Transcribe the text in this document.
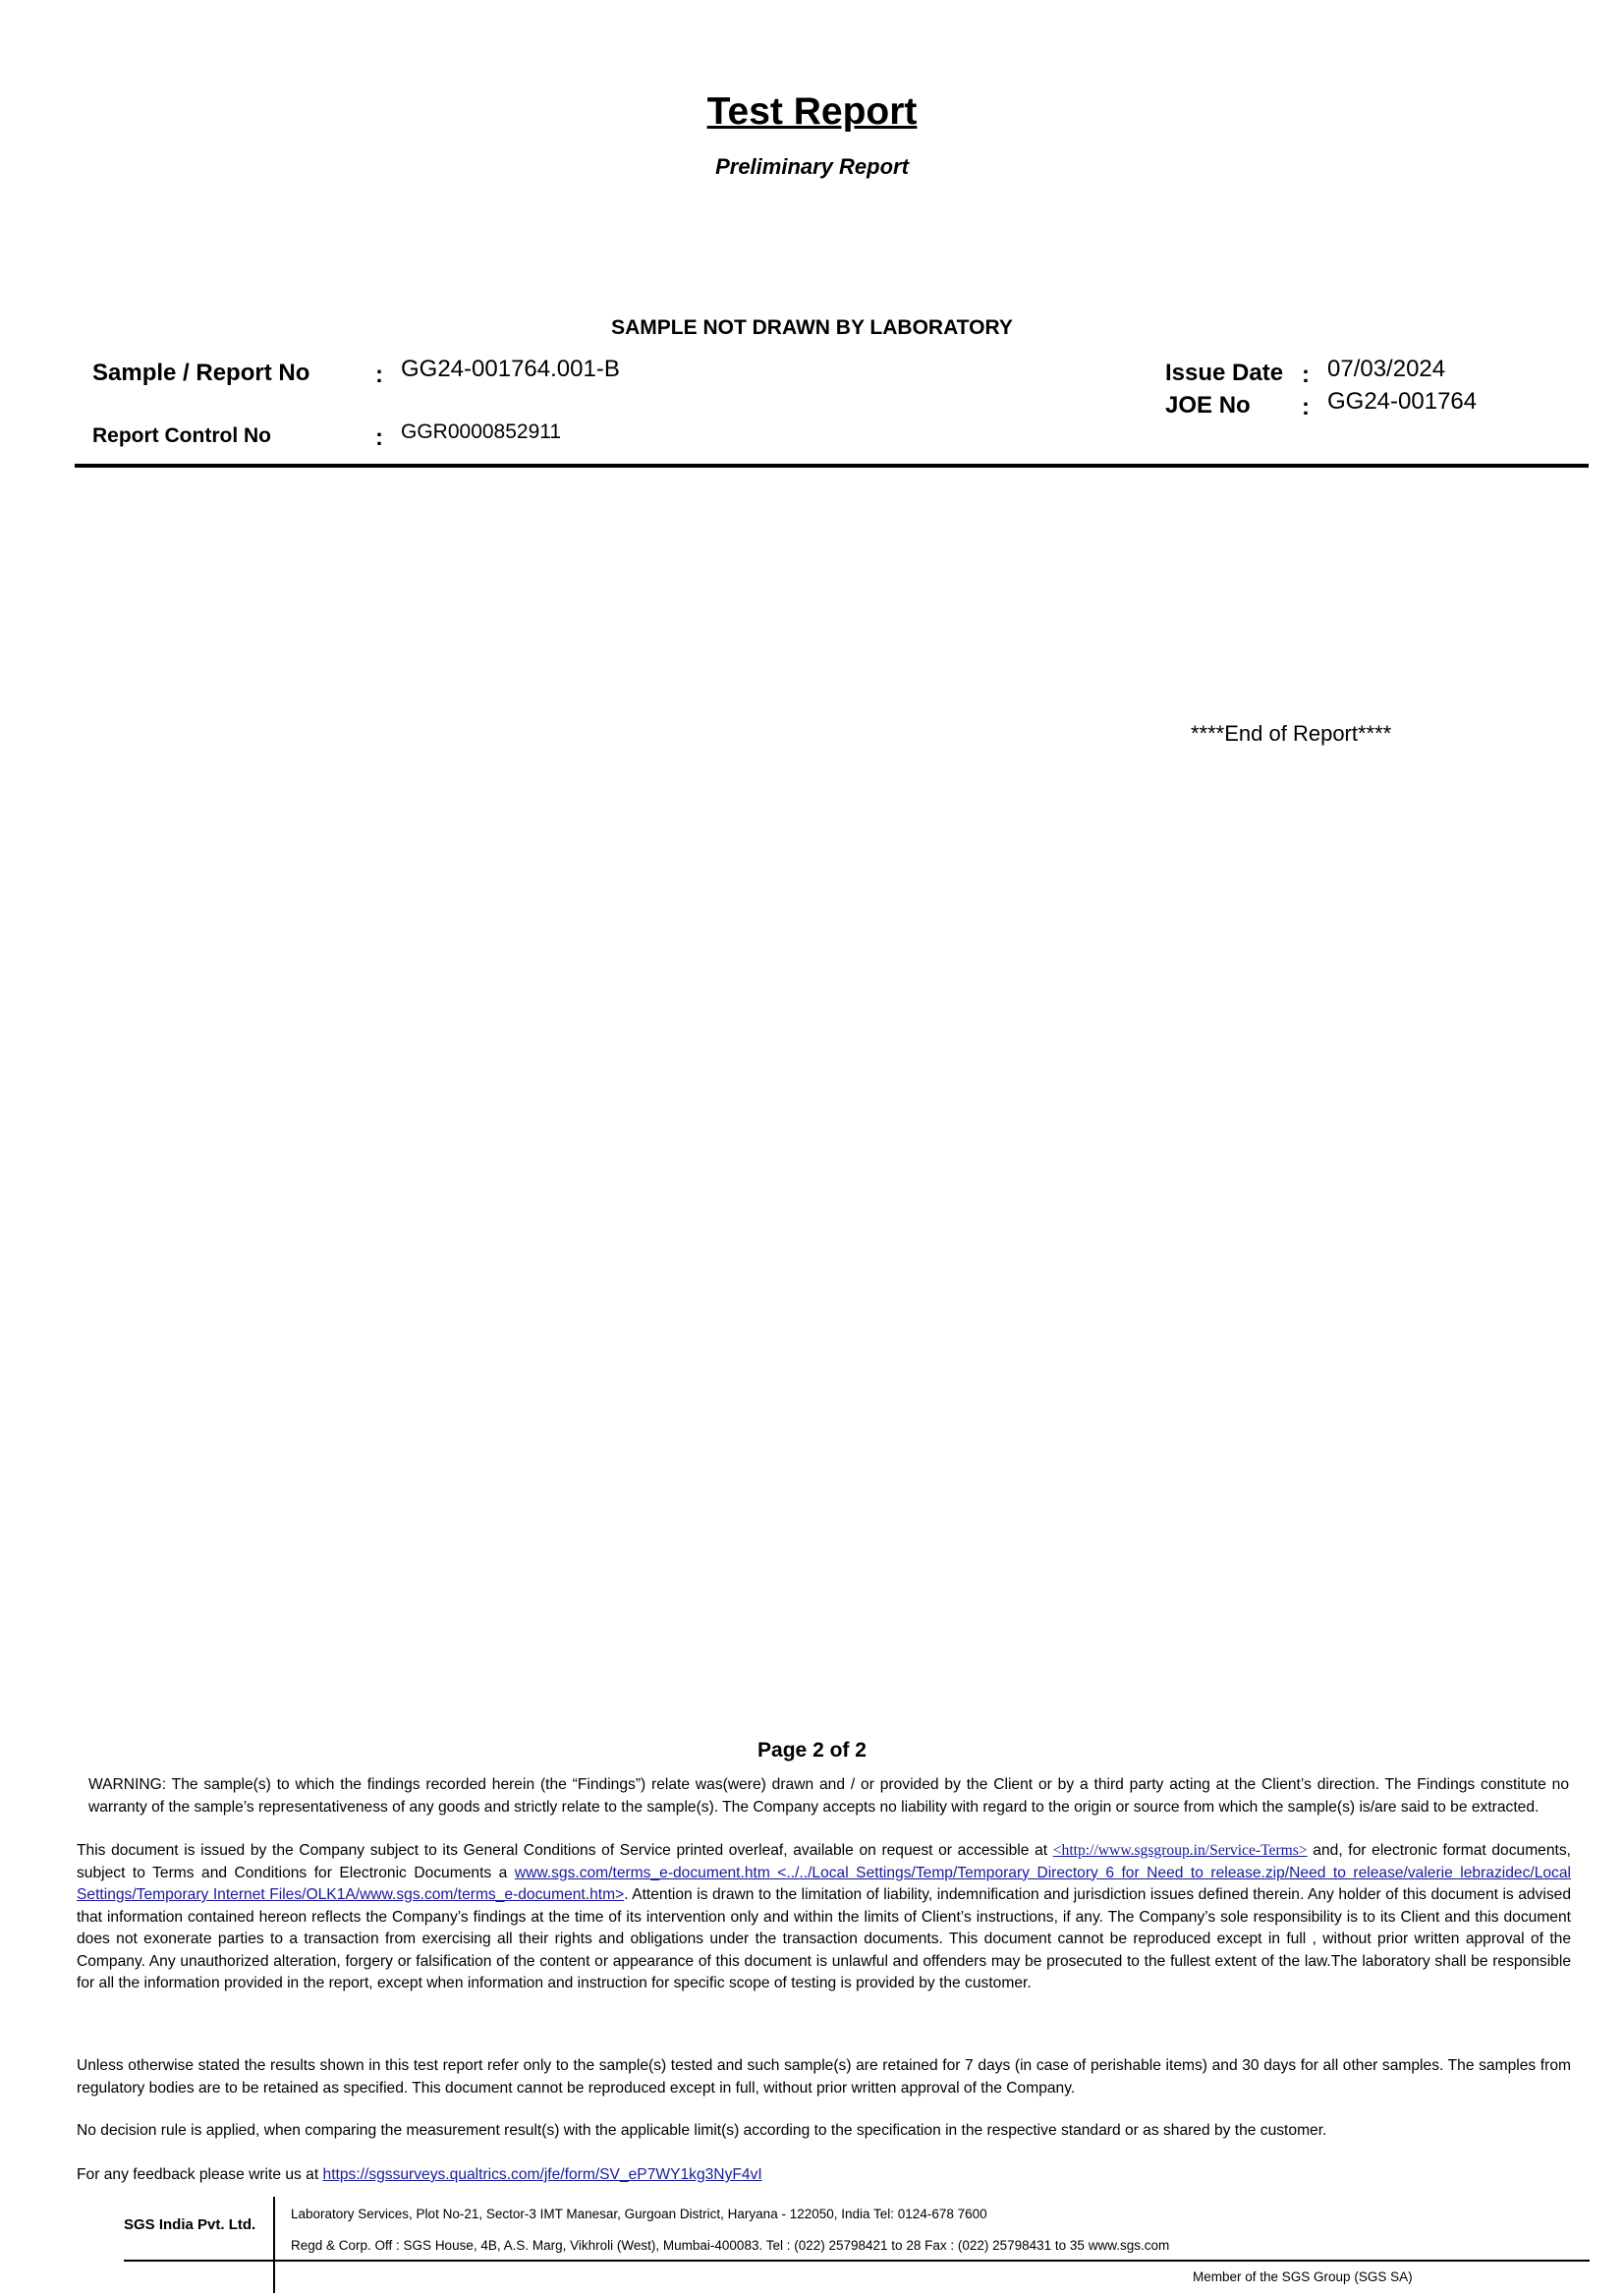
Test Report
Preliminary Report
SAMPLE NOT DRAWN BY LABORATORY
Sample / Report No	: GG24-001764.001-B
Report Control No	: GGR0000852911
Issue Date : 07/03/2024
JOE No : GG24-001764
****End of Report****
Page 2 of 2
WARNING: The sample(s) to which the findings recorded herein (the “Findings”) relate was(were) drawn and / or provided by the Client or by a third party acting at the Client’s direction. The Findings constitute no warranty of the sample’s representativeness of any goods and strictly relate to the sample(s). The Company accepts no liability with regard to the origin or source from which the sample(s) is/are said to be extracted.
This document is issued by the Company subject to its General Conditions of Service printed overleaf, available on request or accessible at <http://www.sgsgroup.in/Service-Terms> and, for electronic format documents, subject to Terms and Conditions for Electronic Documents a www.sgs.com/terms_e-document.htm <../../Local Settings/Temp/Temporary Directory 6 for Need to release.zip/Need to release/valerie lebrazidec/Local Settings/Temporary Internet Files/OLK1A/www.sgs.com/terms_e-document.htm>. Attention is drawn to the limitation of liability, indemnification and jurisdiction issues defined therein. Any holder of this document is advised that information contained hereon reflects the Company’s findings at the time of its intervention only and within the limits of Client’s instructions, if any. The Company’s sole responsibility is to its Client and this document does not exonerate parties to a transaction from exercising all their rights and obligations under the transaction documents. This document cannot be reproduced except in full , without prior written approval of the Company. Any unauthorized alteration, forgery or falsification of the content or appearance of this document is unlawful and offenders may be prosecuted to the fullest extent of the law.The laboratory shall be responsible for all the information provided in the report, except when information and instruction for specific scope of testing is provided by the customer.
Unless otherwise stated the results shown in this test report refer only to the sample(s) tested and such sample(s) are retained for 7 days (in case of perishable items) and 30 days for all other samples. The samples from regulatory bodies are to be retained as specified. This document cannot be reproduced except in full, without prior written approval of the Company.
No decision rule is applied, when comparing the measurement result(s) with the applicable limit(s) according to the specification in the respective standard or as shared by the customer.
For any feedback please write us at https://sgssurveys.qualtrics.com/jfe/form/SV_eP7WY1kg3NyF4vI
SGS India Pvt. Ltd.
Laboratory Services, Plot No-21, Sector-3 IMT Manesar, Gurgoan District, Haryana - 122050, India Tel: 0124-678 7600
Regd & Corp. Off : SGS House, 4B, A.S. Marg, Vikhroli (West), Mumbai-400083. Tel : (022) 25798421 to 28 Fax : (022) 25798431 to 35 www.sgs.com
Member of the SGS Group (SGS SA)
